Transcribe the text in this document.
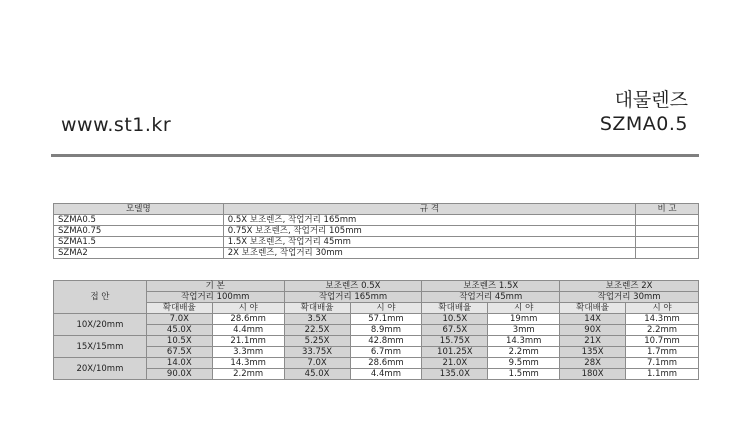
www.st1.kr
대물렌즈
SZMA0.5
모델명	규 격	비 고
SZMA0.5	0.5X 보조렌즈, 작업거리 165mm	
SZMA0.75	0.75X 보조렌즈, 작업거리 105mm	
SZMA1.5	1.5X 보조렌즈, 작업거리 45mm	
SZMA2	2X 보조렌즈, 작업거리 30mm	
접 안	기 본		보조렌즈 0.5X		보조렌즈 1.5X		보조렌즈 2X	
	작업거리 100mm		작업거리 165mm		작업거리 45mm		작업거리 30mm	
	확대배율	시 야	확대배율	시 야	확대배율	시 야	확대배율	시 야
10X/20mm	7.0X	28.6mm	3.5X	57.1mm	10.5X	19mm	14X	14.3mm
	45.0X	4.4mm	22.5X	8.9mm	67.5X	3mm	90X	2.2mm
15X/15mm	10.5X	21.1mm	5.25X	42.8mm	15.75X	14.3mm	21X	10.7mm
	67.5X	3.3mm	33.75X	6.7mm	101.25X	2.2mm	135X	1.7mm
20X/10mm	14.0X	14.3mm	7.0X	28.6mm	21.0X	9.5mm	28X	7.1mm
	90.0X	2.2mm	45.0X	4.4mm	135.0X	1.5mm	180X	1.1mm
